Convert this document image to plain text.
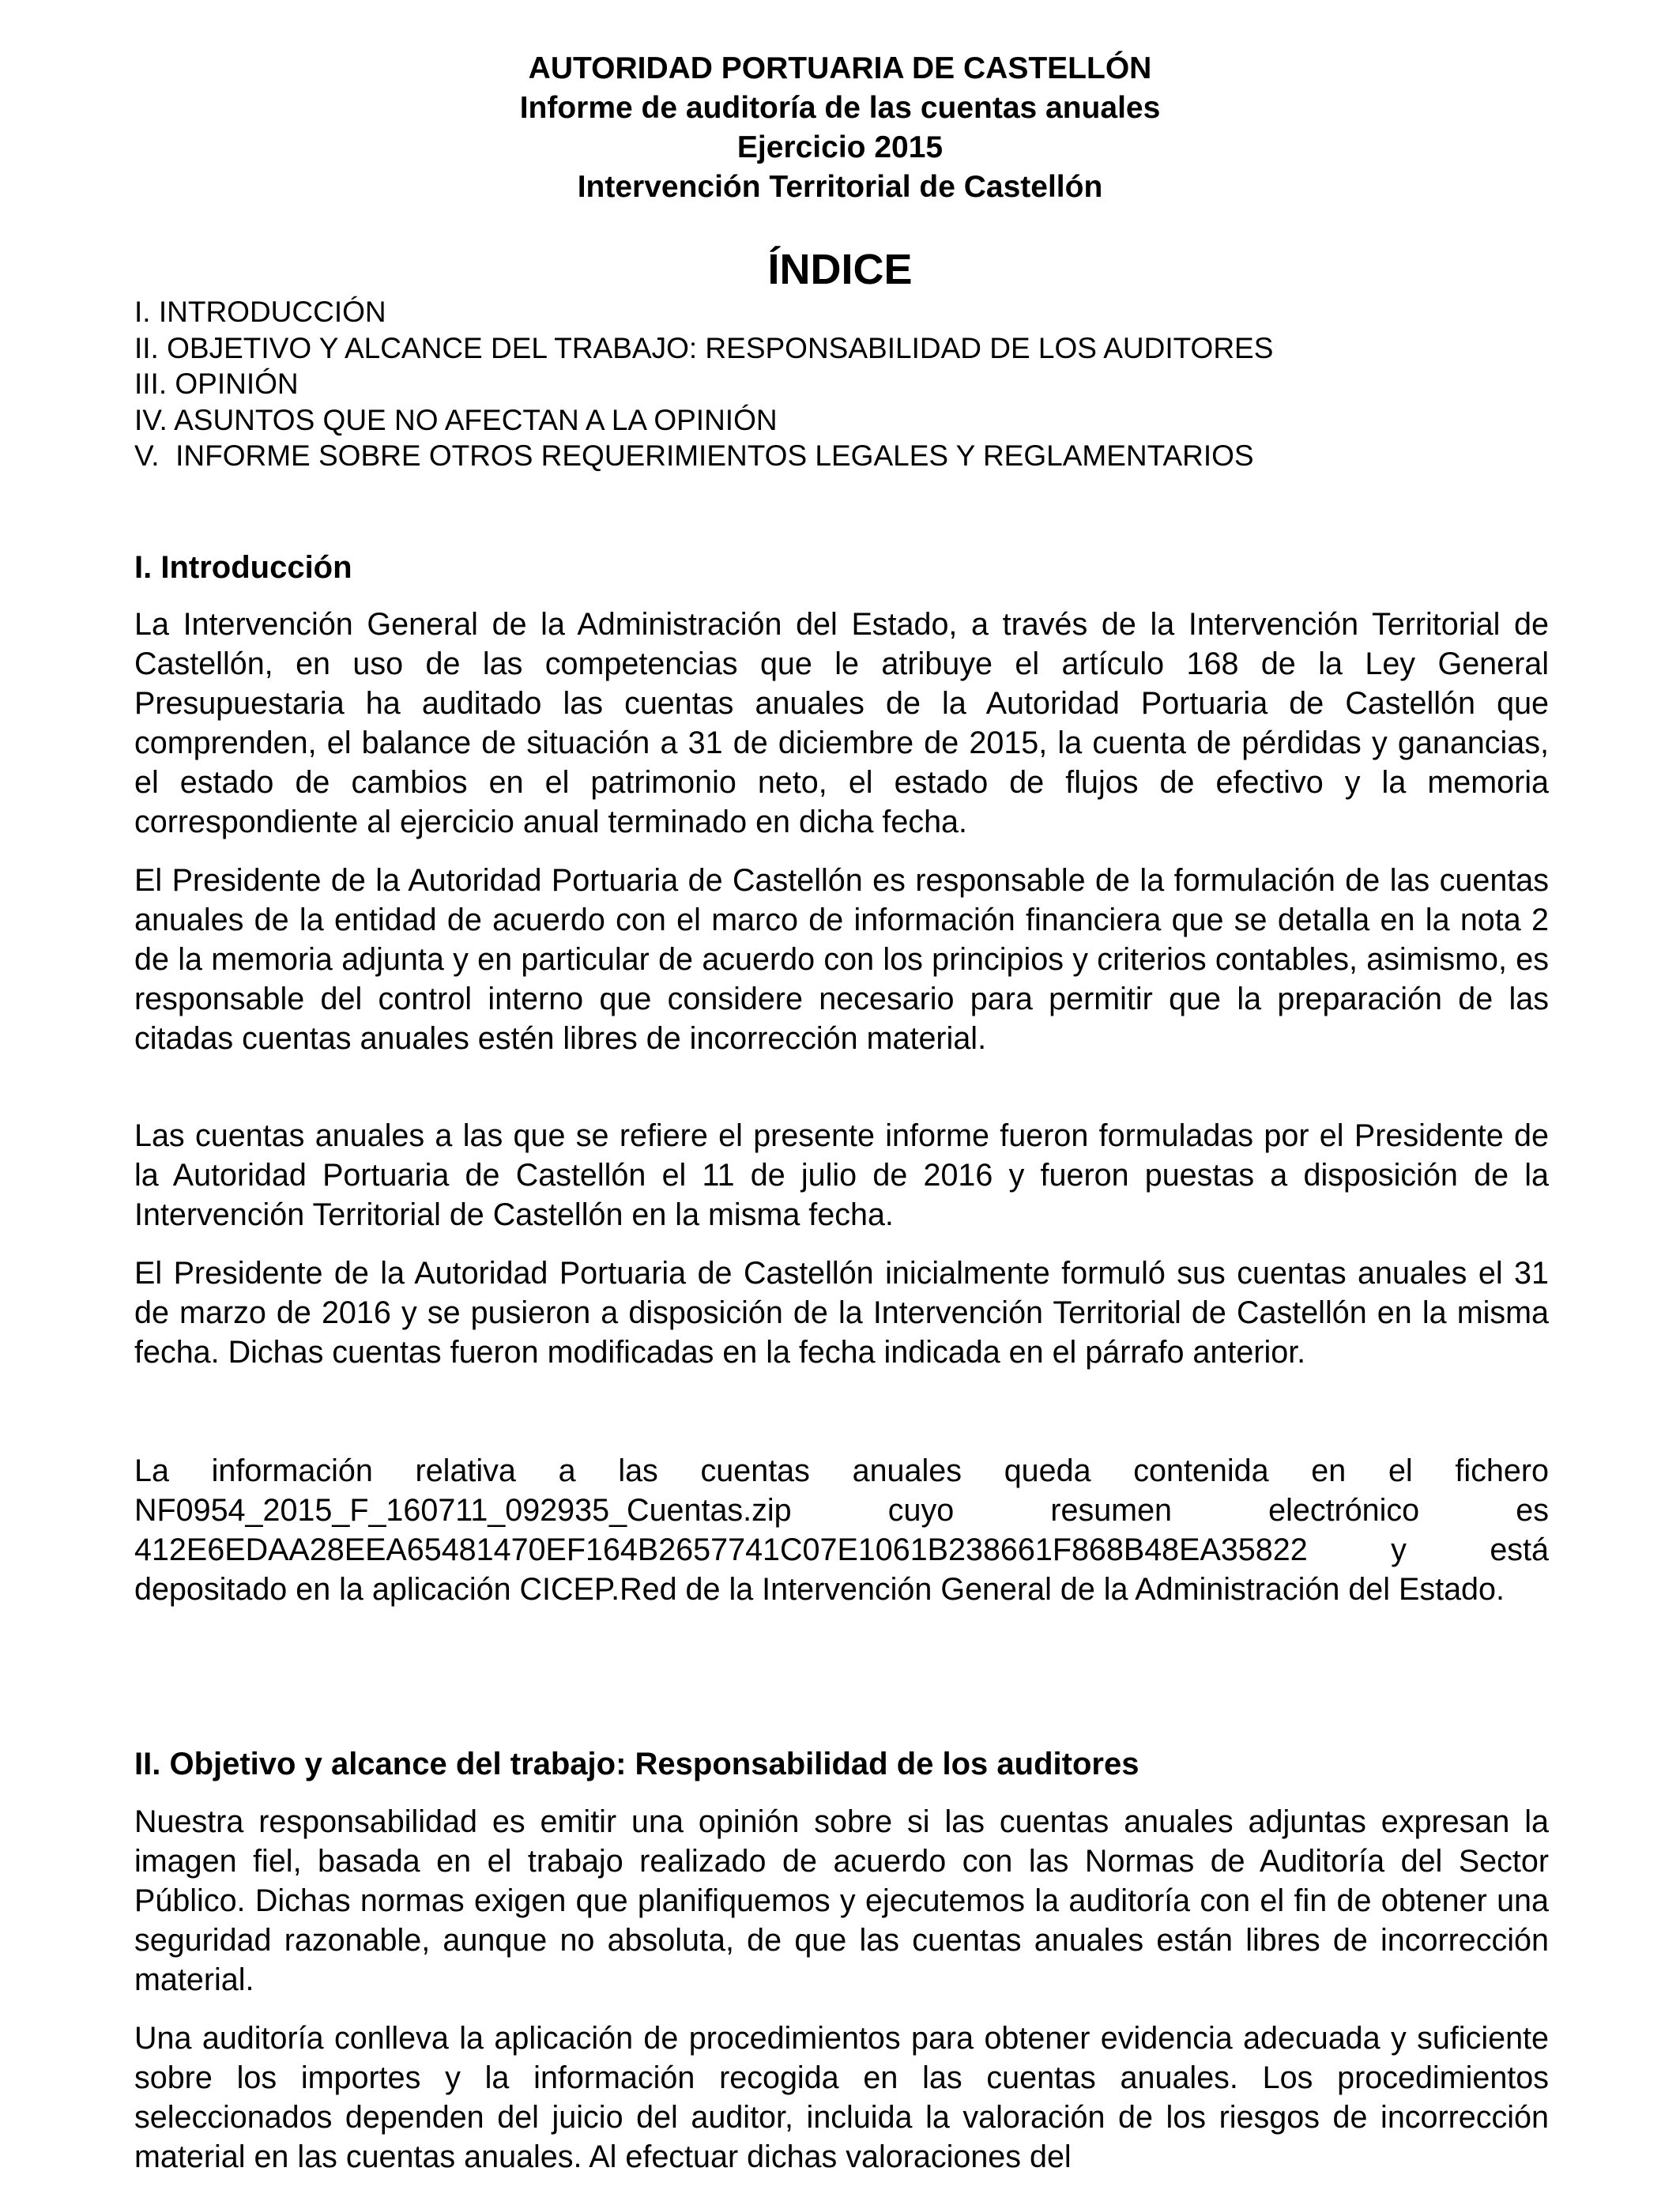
AUTORIDAD PORTUARIA DE CASTELLÓN
Informe de auditoría de las cuentas anuales
Ejercicio 2015
Intervención Territorial de Castellón
ÍNDICE
I. INTRODUCCIÓN
II. OBJETIVO Y ALCANCE DEL TRABAJO: RESPONSABILIDAD DE LOS AUDITORES
III. OPINIÓN
IV. ASUNTOS QUE NO AFECTAN A LA OPINIÓN
V.  INFORME SOBRE OTROS REQUERIMIENTOS LEGALES Y REGLAMENTARIOS
I. Introducción

La Intervención General de la Administración del Estado, a través de la Intervención Territorial de Castellón, en uso de las competencias que le atribuye el artículo 168 de la Ley General Presupuestaria ha auditado las cuentas anuales de la Autoridad Portuaria de Castellón que comprenden, el balance de situación a 31 de diciembre de 2015, la cuenta de pérdidas y ganancias, el estado de cambios en el patrimonio neto, el estado de flujos de efectivo y la memoria correspondiente al ejercicio anual terminado en dicha fecha.

El Presidente de la Autoridad Portuaria de Castellón es responsable de la formulación de las cuentas anuales de la entidad de acuerdo con el marco de información financiera que se detalla en la nota 2 de la memoria adjunta y en particular de acuerdo con los principios y criterios contables, asimismo, es responsable del control interno que considere necesario para permitir que la preparación de las citadas cuentas anuales estén libres de incorrección material.

Las cuentas anuales a las que se refiere el presente informe fueron formuladas por el Presidente de la Autoridad Portuaria de Castellón el 11 de julio de 2016 y fueron puestas a disposición de la Intervención Territorial de Castellón en la misma fecha.

El Presidente de la Autoridad Portuaria de Castellón inicialmente formuló sus cuentas anuales el 31 de marzo de 2016 y se pusieron a disposición de la Intervención Territorial de Castellón en la misma fecha. Dichas cuentas fueron modificadas en la fecha indicada en el párrafo anterior.

La información relativa a las cuentas anuales queda contenida en el fichero NF0954_2015_F_160711_092935_Cuentas.zip cuyo resumen electrónico es 412E6EDAA28EEA65481470EF164B2657741C07E1061B238661F868B48EA35822 y está depositado en la aplicación CICEP.Red de la Intervención General de la Administración del Estado.

II. Objetivo y alcance del trabajo: Responsabilidad de los auditores

Nuestra responsabilidad es emitir una opinión sobre si las cuentas anuales adjuntas expresan la imagen fiel, basada en el trabajo realizado de acuerdo con las Normas de Auditoría del Sector Público. Dichas normas exigen que planifiquemos y ejecutemos la auditoría con el fin de obtener una seguridad razonable, aunque no absoluta, de que las cuentas anuales están libres de incorrección material.

Una auditoría conlleva la aplicación de procedimientos para obtener evidencia adecuada y suficiente sobre los importes y la información recogida en las cuentas anuales. Los procedimientos seleccionados dependen del juicio del auditor, incluida la valoración de los riesgos de incorrección material en las cuentas anuales. Al efectuar dichas valoraciones del
